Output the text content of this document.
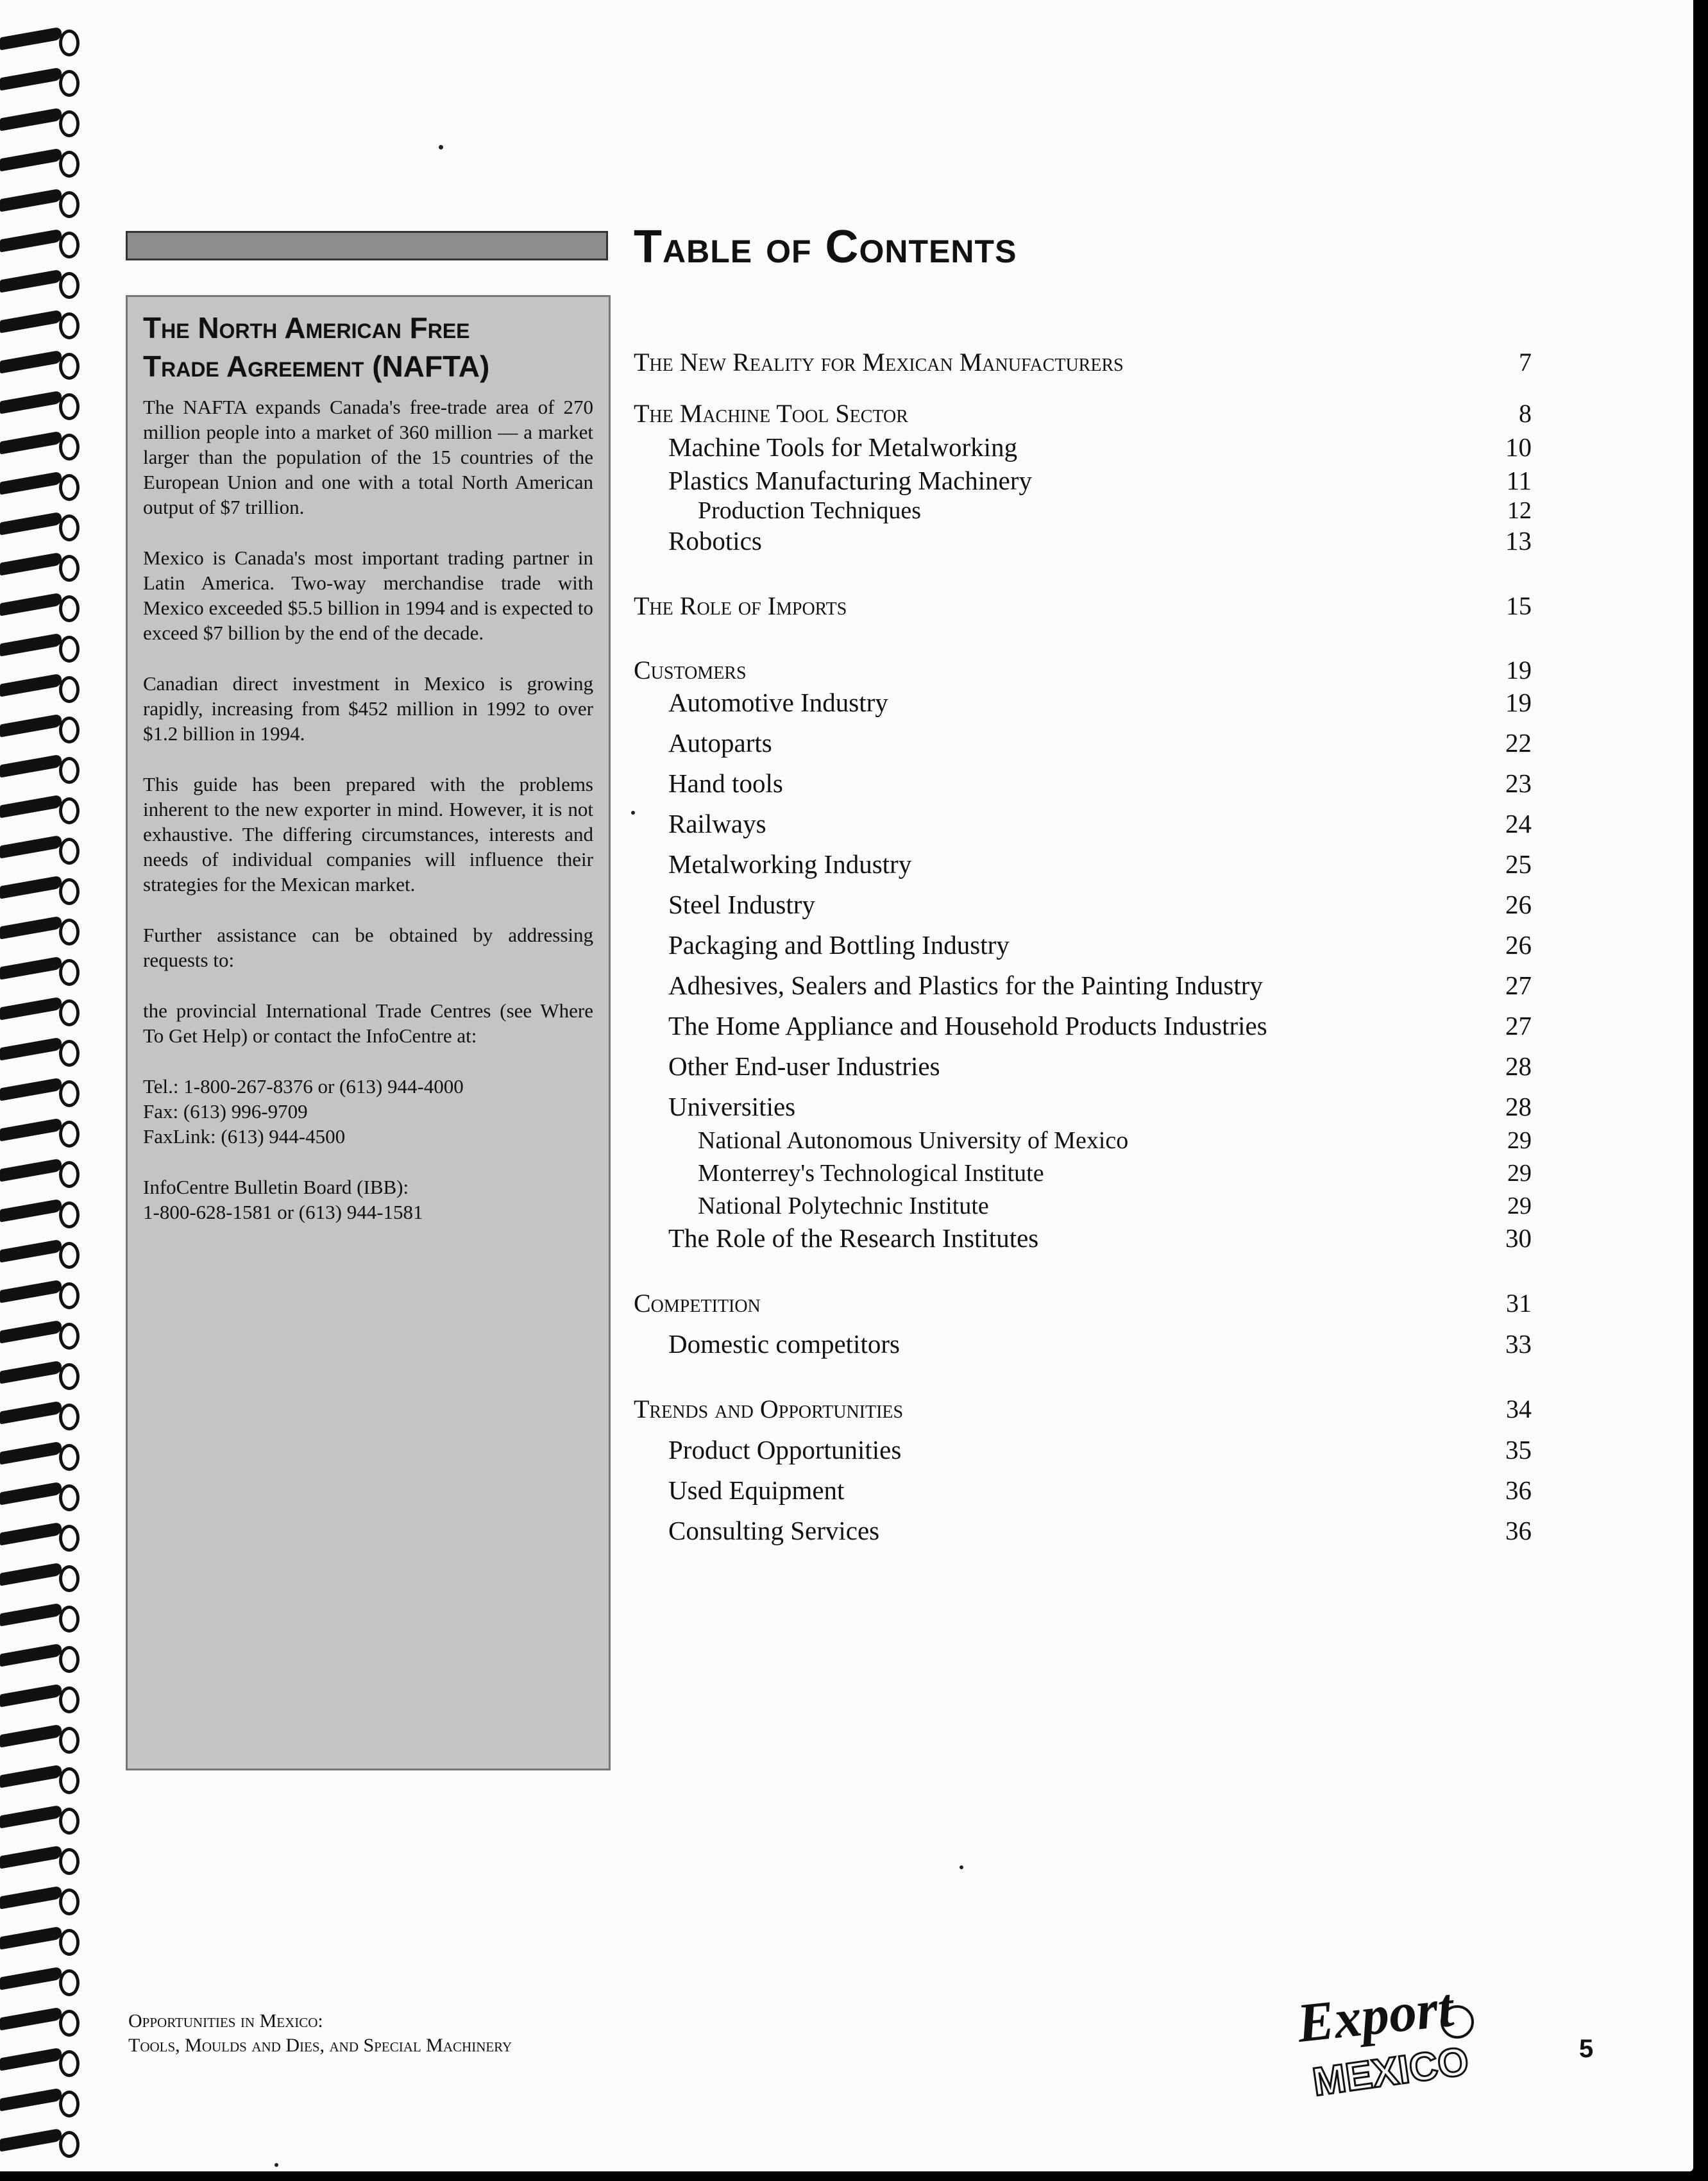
The North American Free
Trade Agreement (NAFTA)

The NAFTA expands Canada's free-trade area of 270 million people into a market of 360 million — a market larger than the population of the 15 countries of the European Union and one with a total North American output of $7 trillion.

Mexico is Canada's most important trading partner in Latin America. Two-way merchandise trade with Mexico exceeded $5.5 billion in 1994 and is expected to exceed $7 billion by the end of the decade.

Canadian direct investment in Mexico is growing rapidly, increasing from $452 million in 1992 to over $1.2 billion in 1994.

This guide has been prepared with the problems inherent to the new exporter in mind. However, it is not exhaustive. The differing circumstances, interests and needs of individual companies will influence their strategies for the Mexican market.

Further assistance can be obtained by addressing requests to:

the provincial International Trade Centres (see Where To Get Help) or contact the InfoCentre at:

Tel.: 1-800-267-8376 or (613) 944-4000

Fax: (613) 996-9709

FaxLink: (613) 944-4500

InfoCentre Bulletin Board (IBB):

1-800-628-1581 or (613) 944-1581

Table of Contents
The New Reality for Mexican Manufacturers	7
The Machine Tool Sector	8
Machine Tools for Metalworking	10
Plastics Manufacturing Machinery	11
Production Techniques	12
Robotics	13
The Role of Imports	15
Customers	19
Automotive Industry	19
Autoparts	22
Hand tools	23
Railways	24
Metalworking Industry	25
Steel Industry	26
Packaging and Bottling Industry	26
Adhesives, Sealers and Plastics for the Painting Industry	27
The Home Appliance and Household Products Industries	27
Other End-user Industries	28
Universities	28
National Autonomous University of Mexico	29
Monterrey's Technological Institute	29
National Polytechnic Institute	29
The Role of the Research Institutes	30
Competition	31
Domestic competitors	33
Trends and Opportunities	34
Product Opportunities	35
Used Equipment	36
Consulting Services	36

Opportunities in Mexico:

Tools, Moulds and Dies, and Special Machinery	Export
MEXICO	5
